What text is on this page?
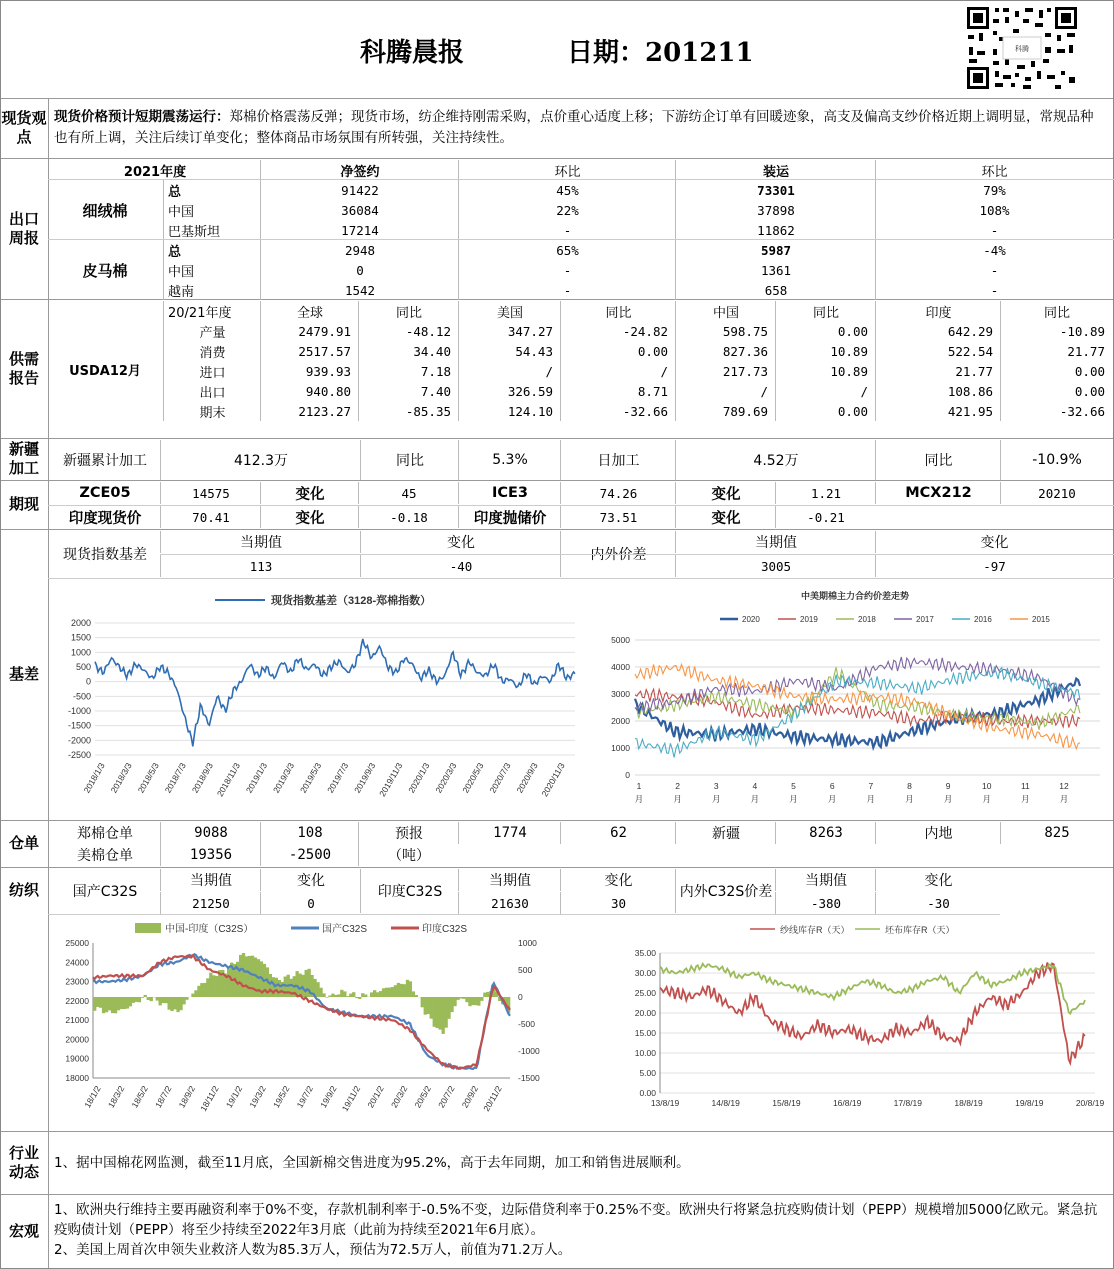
科腾晨报	日期：201211	科腾
现货观点
出口周报
供需报告
新疆加工
期现
基差
仓单
纺织
行业动态
宏观
现货价格预计短期震荡运行：郑棉价格震荡反弹；现货市场，纺企维持刚需采购，点价重心适度上移；下游纺企订单有回暖迹象，高支及偏高支纱价格近期上调明显，常规品种也有所上调，关注后续订单变化；整体商品市场氛围有所转强，关注持续性。
现货指数基差（3128-郑棉指数）
2000
1500
1000
500
0
-500
-1000
-1500
-2000
-2500
2018/1/3 2018/3/3 2018/5/3 2018/7/3 2018/9/3 2018/11/3 2019/1/3 2019/3/3 2019/5/3 2019/7/3 2019/9/3 2019/11/3 2020/1/3 2020/3/3 2020/5/3 2020/7/3 2020/9/3 2020/11/3
中美期棉主力合约价差走势
2020	2019	2018	2017	2016	2015
5000
4000
3000
2000
1000
0
1
月
2
月
3
月
4
月
5
月
6
月
7
月
8
月
9
月
10
月
11
月
12
月
中国-印度（C32S）	国产C32S	印度C32S
25000
24000
23000
22000
21000
20000
19000
18000
1000
500
0
-500
-1000
-1500
18/1/2 18/3/2 18/5/2 18/7/2 18/9/2 18/11/2 19/1/2 19/3/2 19/5/2 19/7/2 19/9/2 19/11/2 20/1/2 20/3/2 20/5/2 20/7/2 20/9/2 20/11/2
纱线库存R（天）	坯布库存R（天）
35.00
30.00
25.00
20.00
15.00
10.00
5.00
0.00
13/8/19	14/8/19	15/8/19	16/8/19	17/8/19	18/8/19	19/8/19	20/8/19
1、据中国棉花网监测，截至11月底，全国新棉交售进度为95.2%，高于去年同期，加工和销售进展顺利。
1、欧洲央行维持主要再融资利率于0%不变，存款机制利率于-0.5%不变，边际借贷利率于0.25%不变。欧洲央行将紧急抗疫购债计划（PEPP）规模增加5000亿欧元。紧急抗疫购债计划（PEPP）将至少持续至2022年3月底（此前为持续至2021年6月底）。
2、美国上周首次申领失业救济人数为85.3万人，预估为72.5万人，前值为71.2万人。
2021年度	净签约	环比	装运	环比
细绒棉
总	91422	45%	73301	79%
中国	36084	22%	37898	108%
巴基斯坦	17214	-	11862	-
皮马棉
总	2948	65%	5987	-4%
中国	0	-	1361	-
越南	1542	-	658	-
USDA12月
20/21年度	全球	同比	美国	同比	中国	同比	印度	同比
产量	2479.91	-48.12	347.27	-24.82	598.75	0.00	642.29	-10.89
消费	2517.57	34.40	54.43	0.00	827.36	10.89	522.54	21.77
进口	939.93	7.18	/	/	217.73	10.89	21.77	0.00
出口	940.80	7.40	326.59	8.71	/	/	108.86	0.00
期末	2123.27	-85.35	124.10	-32.66	789.69	0.00	421.95	-32.66
新疆累计加工	412.3万	同比	5.3%	日加工	4.52万	同比	-10.9%
ZCE05	14575	变化	45	ICE3	74.26	变化	1.21	MCX212	20210
印度现货价	70.41	变化	-0.18	印度抛储价	73.51	变化	-0.21
现货指数基差
当期值	变化
113	-40
内外价差
当期值	变化
3005	-97
郑棉仓单	9088	108	预报	1774	62	新疆	8263	内地	825
美棉仓单	19356	-2500	（吨）
国产C32S	印度C32S	内外C32S价差
当期值	变化	当期值	变化	当期值	变化
21250	0	21630	30	-380	-30
